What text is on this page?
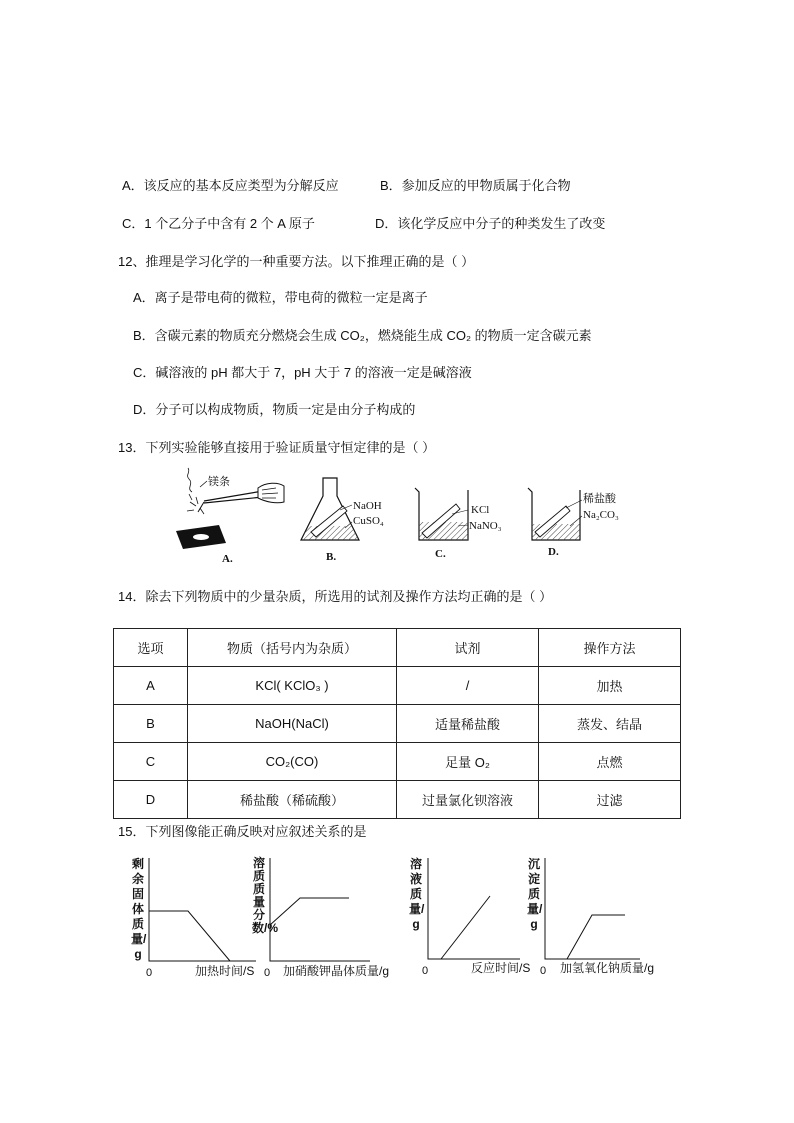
A．该反应的基本反应类型为分解反应	B．参加反应的甲物质属于化合物
C．1 个乙分子中含有 2 个 A 原子	D．该化学反应中分子的种类发生了改变
12、推理是学习化学的一种重要方法。以下推理正确的是（ ）
A．离子是带电荷的微粒，带电荷的微粒一定是离子
B．含碳元素的物质充分燃烧会生成 CO₂，燃烧能生成 CO₂ 的物质一定含碳元素
C．碱溶液的 pH 都大于 7，pH 大于 7 的溶液一定是碱溶液
D．分子可以构成物质，物质一定是由分子构成的
13．下列实验能够直接用于验证质量守恒定律的是（ ）
14．除去下列物质中的少量杂质，所选用的试剂及操作方法均正确的是（ ）
选项	物质（括号内为杂质）	试剂	操作方法
A	KCl( KClO₃ )	/	加热
B	NaOH(NaCl)	适量稀盐酸	蒸发、结晶
C	CO₂(CO)	足量 O₂	点燃
D	稀盐酸（稀硫酸）	过量氯化钡溶液	过滤
15．下列图像能正确反映对应叙述关系的是
剩余固体质量/g
0	加热时间/S
溶质质量分数/%
0 加硝酸钾晶体质量/g
溶液质量/g
0	反应时间/S
沉淀质量/g
0 加氢氧化钠质量/g
镁条
A.
NaOH
CuSO₄
B.
KCl
NaNO₃
C.
稀盐酸
Na₂CO₃
D.
